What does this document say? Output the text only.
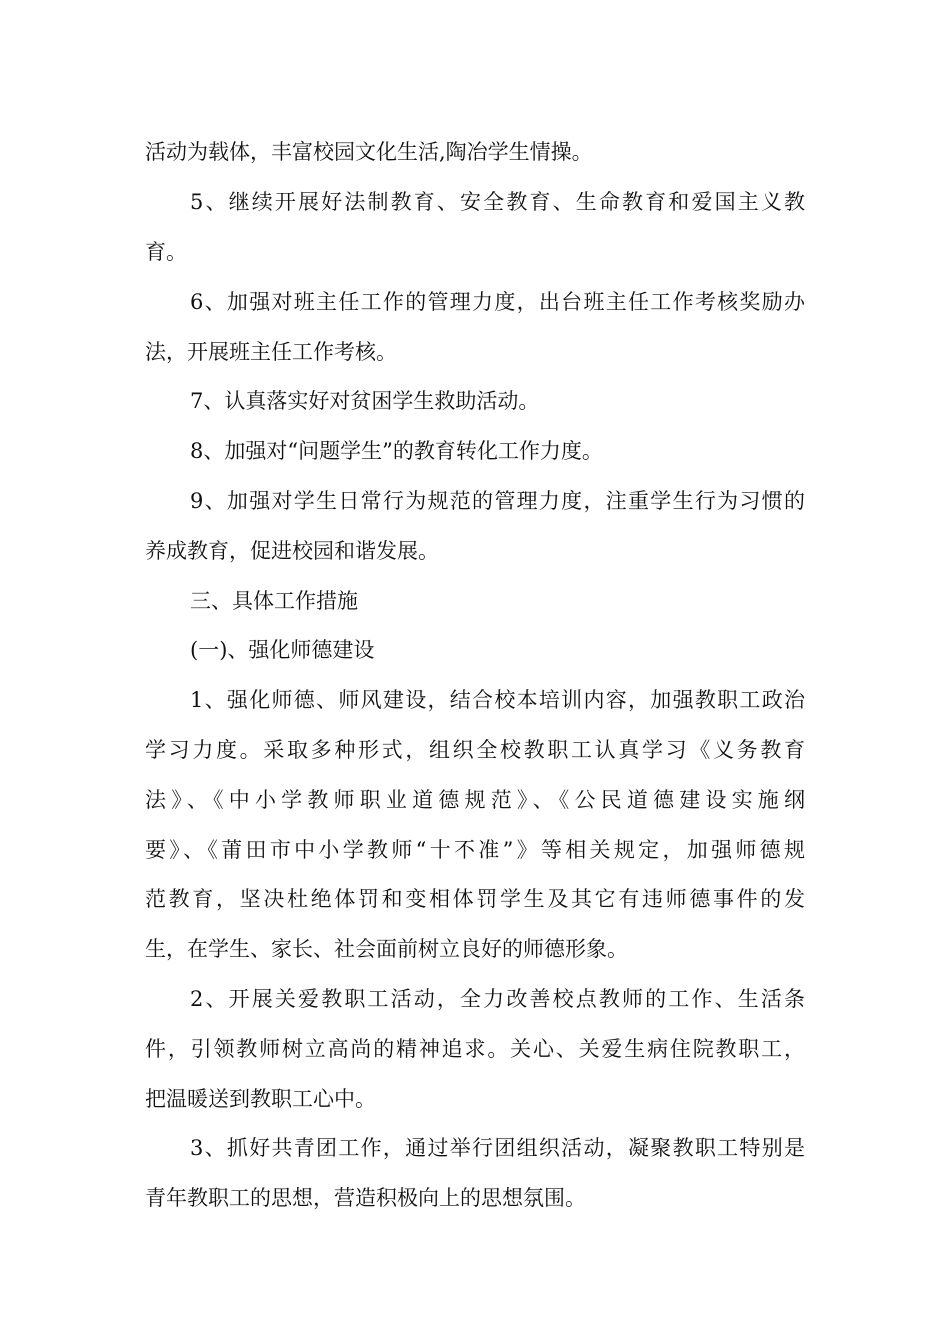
活动为载体，丰富校园文化生活,陶冶学生情操。
5、继续开展好法制教育、安全教育、生命教育和爱国主义教
育。
6、加强对班主任工作的管理力度，出台班主任工作考核奖励办
法，开展班主任工作考核。
7、认真落实好对贫困学生救助活动。
8、加强对“问题学生”的教育转化工作力度。
9、加强对学生日常行为规范的管理力度，注重学生行为习惯的
养成教育，促进校园和谐发展。
三、具体工作措施
(一)、强化师德建设
1、强化师德、师风建设，结合校本培训内容，加强教职工政治
学习力度。采取多种形式，组织全校教职工认真学习《义务教育
法》、《中小学教师职业道德规范》、《公民道德建设实施纲
要》、《莆田市中小学教师“十不准”》等相关规定，加强师德规
范教育，坚决杜绝体罚和变相体罚学生及其它有违师德事件的发
生，在学生、家长、社会面前树立良好的师德形象。
2、开展关爱教职工活动，全力改善校点教师的工作、生活条
件，引领教师树立高尚的精神追求。关心、关爱生病住院教职工，
把温暖送到教职工心中。
3、抓好共青团工作，通过举行团组织活动，凝聚教职工特别是
青年教职工的思想，营造积极向上的思想氛围。
